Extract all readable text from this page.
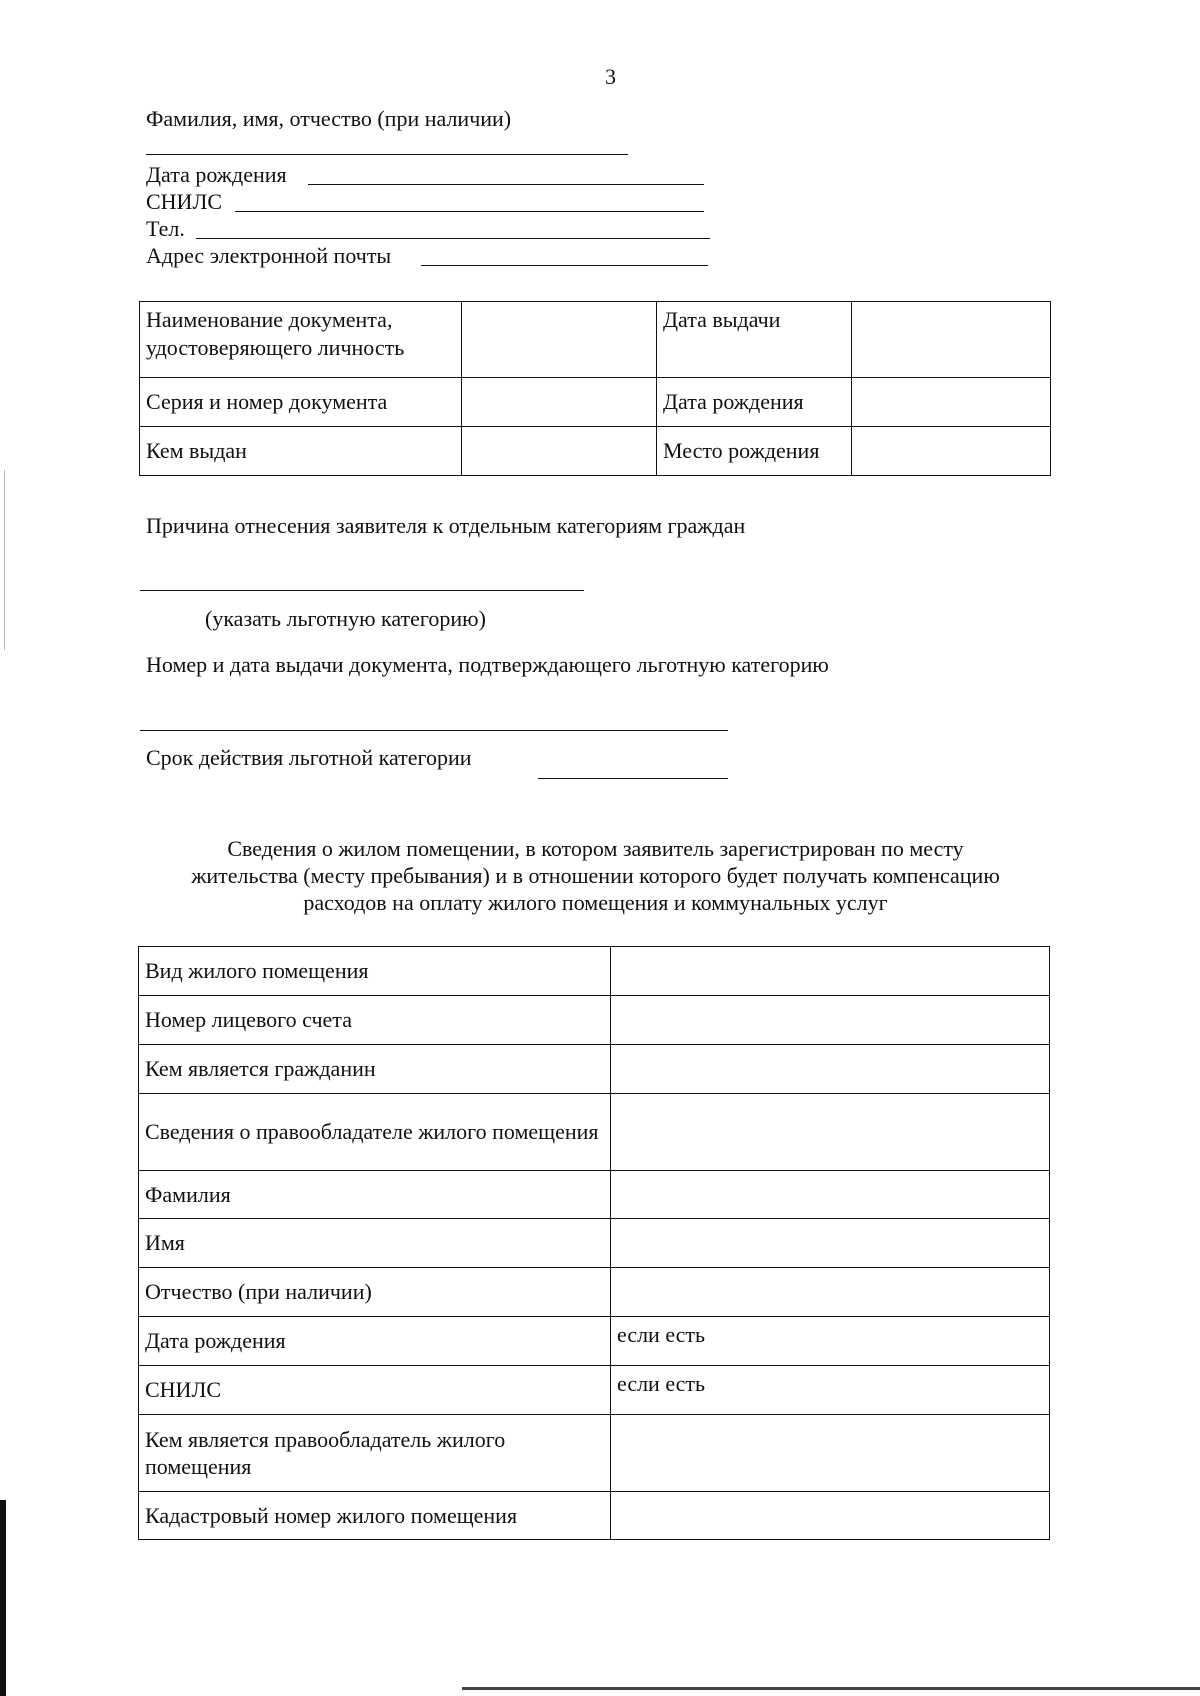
3
Фамилия, имя, отчество (при наличии)
Дата рождения
СНИЛС
Тел.
Адрес электронной почты
Наименование документа, удостоверяющего личность		Дата выдачи	
Серия и номер документа		Дата рождения	
Кем выдан		Место рождения	
Причина отнесения заявителя к отдельным категориям граждан
(указать льготную категорию)
Номер и дата выдачи документа, подтверждающего льготную категорию
Срок действия льготной категории
Сведения о жилом помещении, в котором заявитель зарегистрирован по месту
жительства (месту пребывания) и в отношении которого будет получать компенсацию
расходов на оплату жилого помещения и коммунальных услуг
Вид жилого помещения	
Номер лицевого счета	
Кем является гражданин	
Сведения о правообладателе жилого помещения	
Фамилия	
Имя	
Отчество (при наличии)	
Дата рождения	если есть
СНИЛС	если есть
Кем является правообладатель жилого помещения	
Кадастровый номер жилого помещения	
